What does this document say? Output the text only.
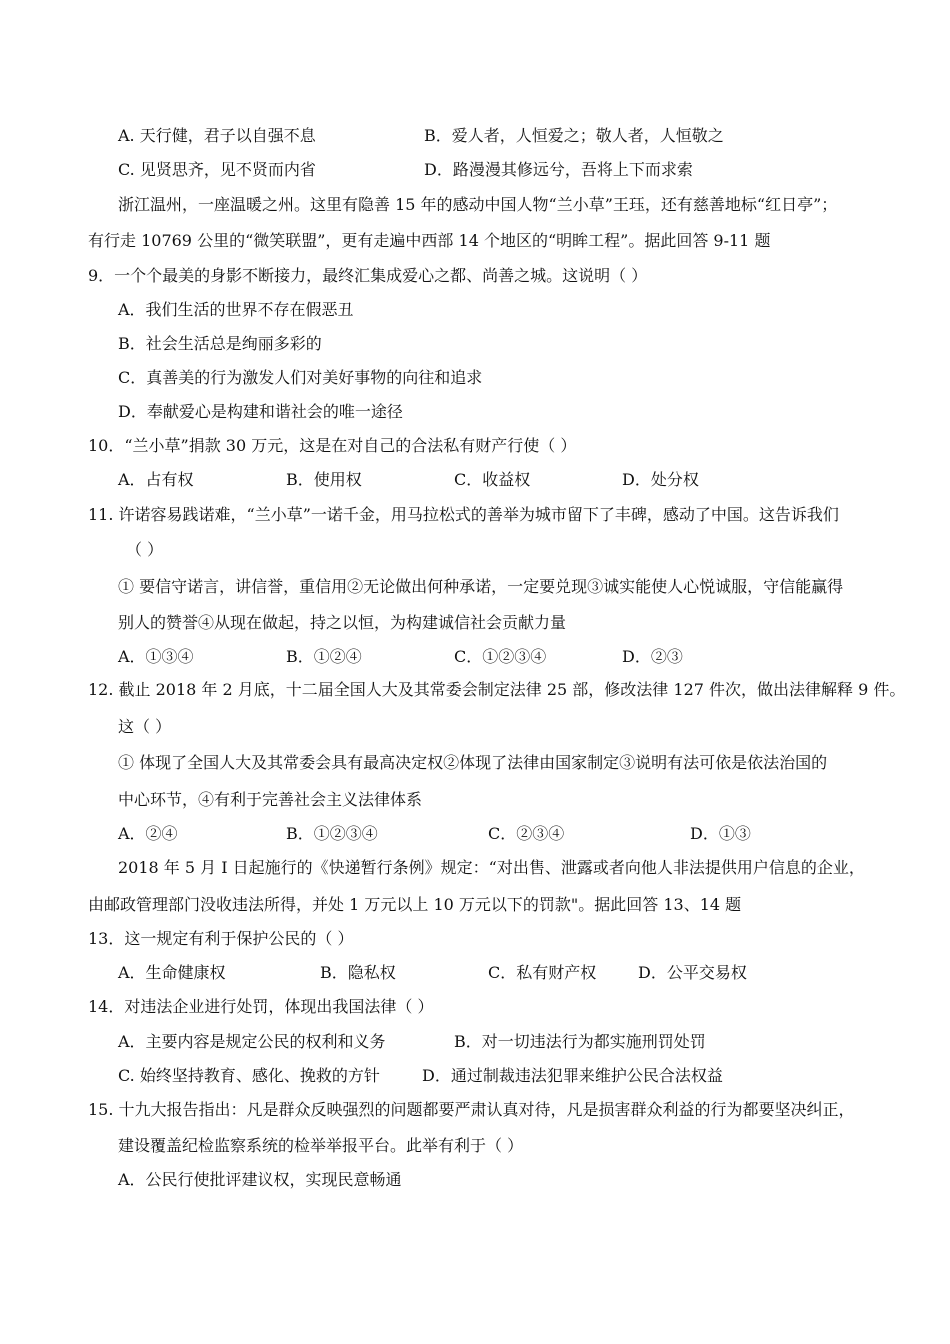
A. 天行健，君子以自强不息	B．爱人者，人恒爱之；敬人者，人恒敬之
C. 见贤思齐，见不贤而内省	D．路漫漫其修远兮，吾将上下而求索
浙江温州，一座温暖之州。这里有隐善 15 年的感动中国人物“兰小草”王珏，还有慈善地标“红日亭”；
有行走 10769 公里的“微笑联盟”，更有走遍中西部 14 个地区的“明眸工程”。据此回答 9-11 题
9．一个个最美的身影不断接力，最终汇集成爱心之都、尚善之城。这说明（ ）
A．我们生活的世界不存在假恶丑
B．社会生活总是绚丽多彩的
C．真善美的行为激发人们对美好事物的向往和追求
D．奉献爱心是构建和谐社会的唯一途径
10．“兰小草”捐款 30 万元，这是在对自己的合法私有财产行使（ ）
A．占有权	B．使用权	C．收益权	D．处分权
11. 许诺容易践诺难，“兰小草”一诺千金，用马拉松式的善举为城市留下了丰碑，感动了中国。这告诉我们
（ ）
① 要信守诺言，讲信誉，重信用②无论做出何种承诺，一定要兑现③诚实能使人心悦诚服，守信能赢得
别人的赞誉④从现在做起，持之以恒，为构建诚信社会贡献力量
A．①③④	B．①②④	C．①②③④	D．②③
12. 截止 2018 年 2 月底，十二届全国人大及其常委会制定法律 25 部，修改法律 127 件次，做出法律解释 9 件。
这（ ）
① 体现了全国人大及其常委会具有最高决定权②体现了法律由国家制定③说明有法可依是依法治国的
中心环节，④有利于完善社会主义法律体系
A．②④	B．①②③④	C．②③④	D．①③
2018 年 5 月 I 日起施行的《快递暂行条例》规定：“对出售、泄露或者向他人非法提供用户信息的企业，
由邮政管理部门没收违法所得，并处 1 万元以上 10 万元以下的罚款"。据此回答 13、14 题
13．这一规定有利于保护公民的（ ）
A．生命健康权	B．隐私权	C．私有财产权	D．公平交易权
14．对违法企业进行处罚，体现出我国法律（ ）
A．主要内容是规定公民的权利和义务	B．对一切违法行为都实施刑罚处罚
C. 始终坚持教育、感化、挽救的方针	D．通过制裁违法犯罪来维护公民合法权益
15. 十九大报告指出：凡是群众反映强烈的问题都要严肃认真对待，凡是损害群众利益的行为都要坚决纠正，
建设覆盖纪检监察系统的检举举报平台。此举有利于（ ）
A．公民行使批评建议权，实现民意畅通
